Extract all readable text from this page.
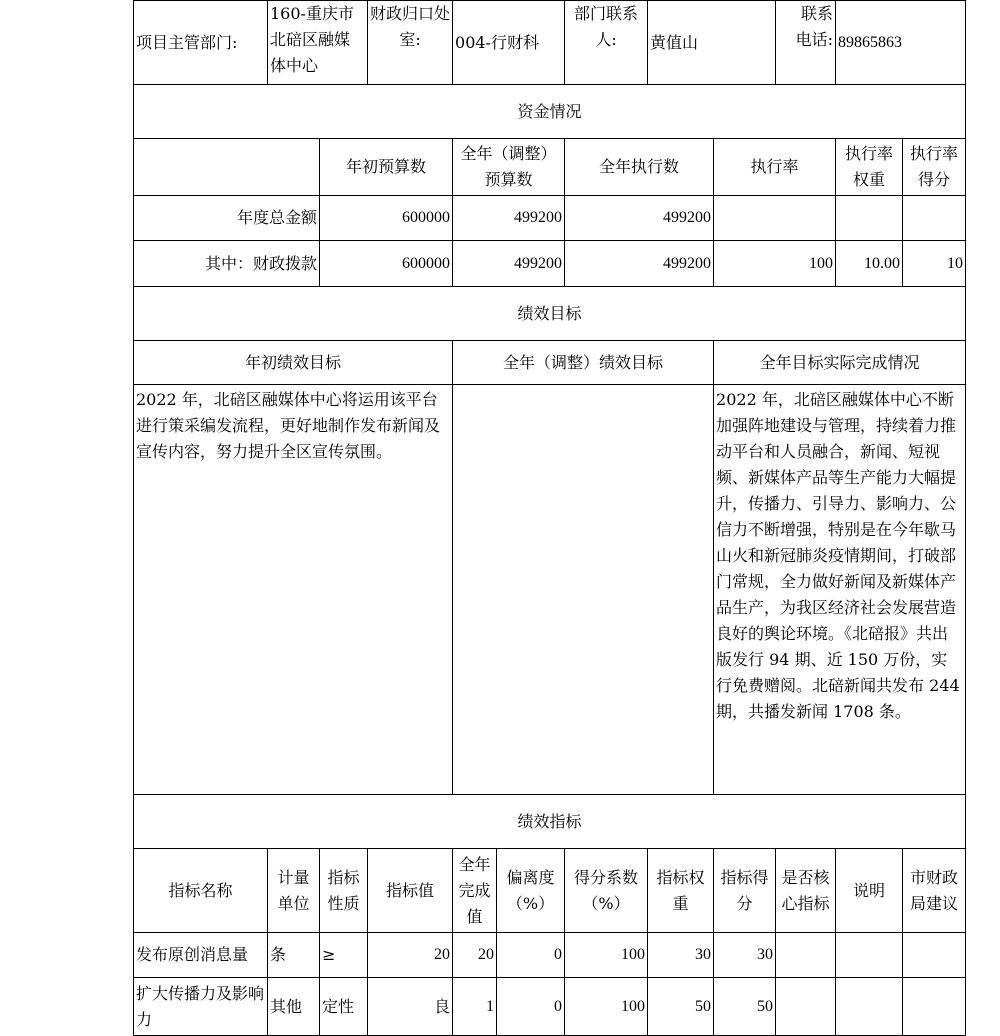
项目主管部门:	160-重庆市北碚区融媒体中心		财政归口处室:	004-行财科		部门联系人:	黄值山		联系电话:	89865863	
资金情况											
		年初预算数		全年（调整）预算数		全年执行数		执行率		执行率权重	执行率得分
年度总金额		600000		499200		499200					
其中：财政拨款		600000		499200		499200		100		10.00	10
绩效目标											
年初绩效目标				全年（调整）绩效目标				全年目标实际完成情况			
2022 年，北碚区融媒体中心将运用该平台进行策采编发流程，更好地制作发布新闻及宣传内容，努力提升全区宣传氛围。								2022 年，北碚区融媒体中心不断加强阵地建设与管理，持续着力推动平台和人员融合，新闻、短视频、新媒体产品等生产能力大幅提升，传播力、引导力、影响力、公信力不断增强，特别是在今年歇马山火和新冠肺炎疫情期间，打破部门常规，全力做好新闻及新媒体产品生产，为我区经济社会发展营造良好的舆论环境。《北碚报》共出版发行 94 期、近 150 万份，实行免费赠阅。北碚新闻共发布 244 期，共播发新闻 1708 条。			
绩效指标											
指标名称	计量单位	指标性质	指标值	全年完成值	偏离度（%）	得分系数（%）	指标权重	指标得分	是否核心指标	说明	市财政局建议
发布原创消息量	条	≥	20	20	0	100	30	30			
扩大传播力及影响力	其他	定性	良	1	0	100	50	50			
